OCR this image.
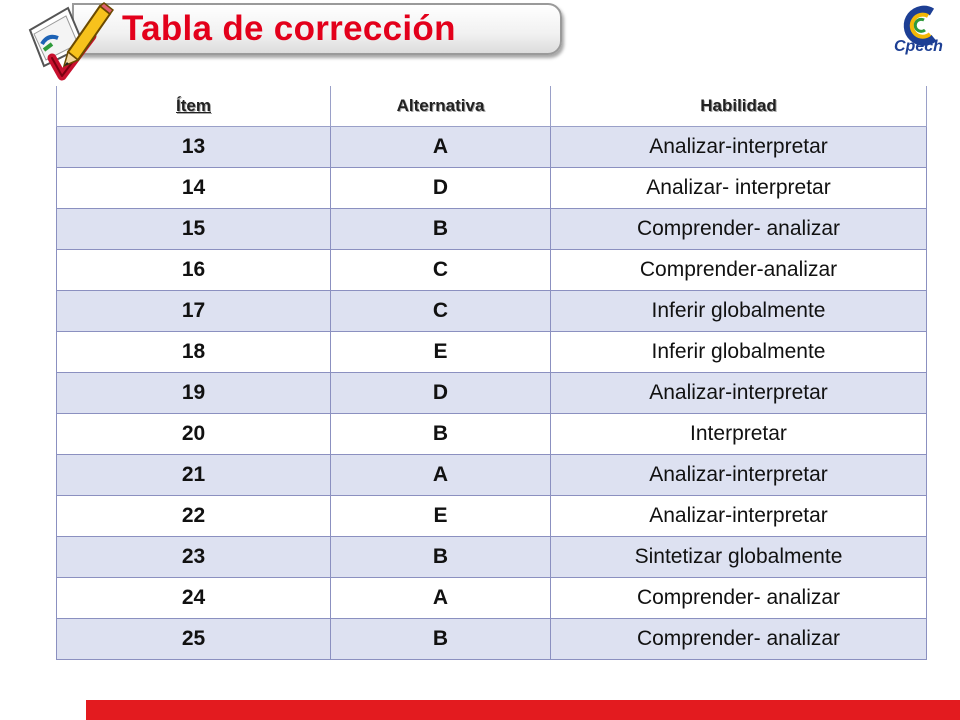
Tabla de corrección	Cpech
Ítem	Alternativa	Habilidad
13	A	Analizar-interpretar
14	D	Analizar- interpretar
15	B	Comprender- analizar
16	C	Comprender-analizar
17	C	Inferir globalmente
18	E	Inferir globalmente
19	D	Analizar-interpretar
20	B	Interpretar
21	A	Analizar-interpretar
22	E	Analizar-interpretar
23	B	Sintetizar globalmente
24	A	Comprender- analizar
25	B	Comprender- analizar
